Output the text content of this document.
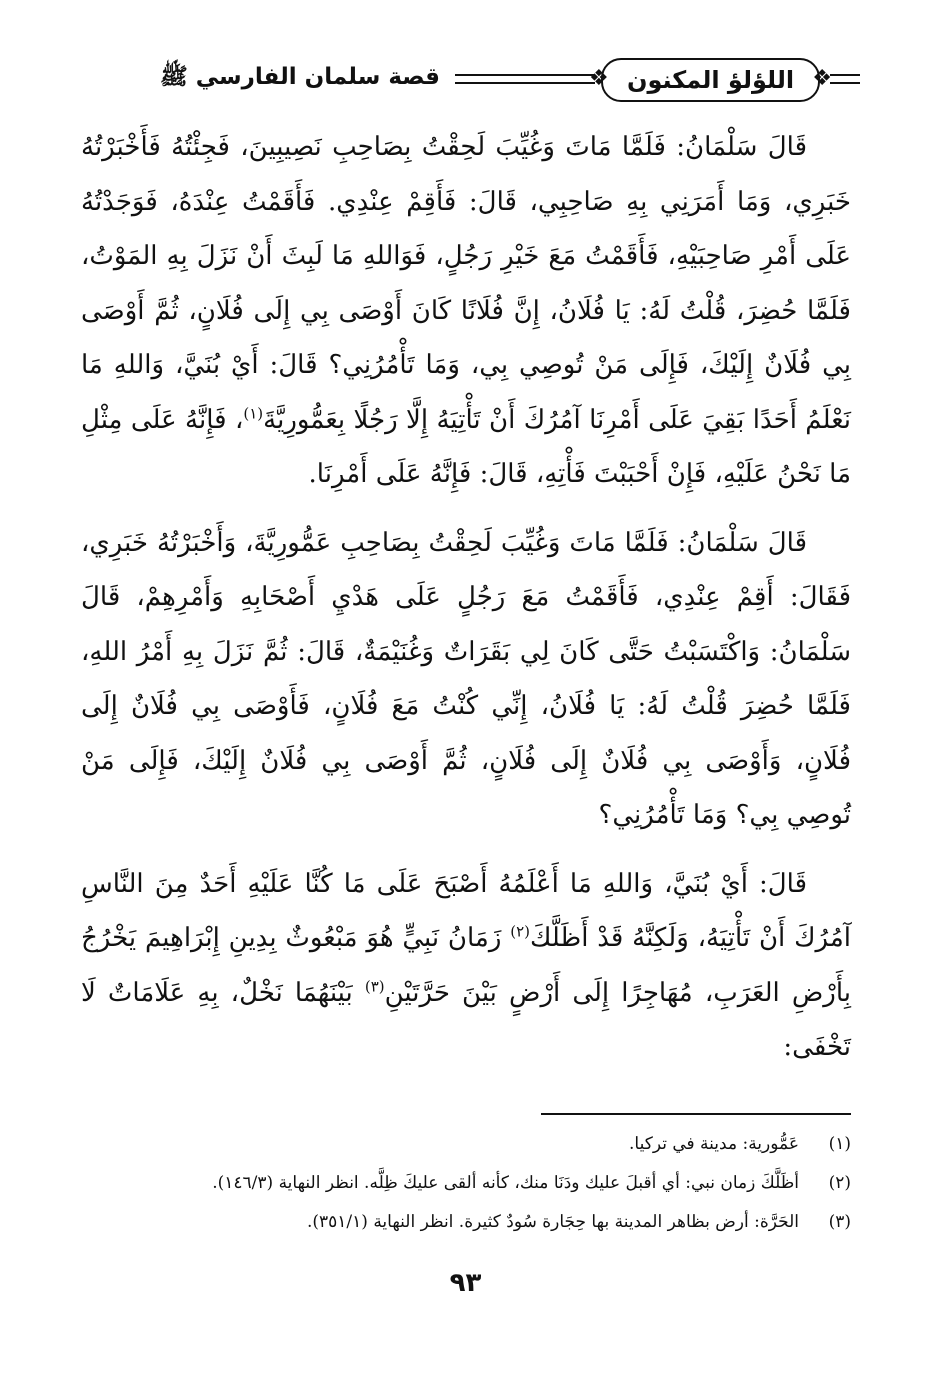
❖ اللؤلؤ المكنون
❖
قصة سلمان الفارسي ﷺ

قَالَ سَلْمَانُ: فَلَمَّا مَاتَ وَغُيِّبَ لَحِقْتُ بِصَاحِبِ نَصِيبِينَ، فَجِئْتُهُ فَأَخْبَرْتُهُ خَبَرِي، وَمَا أَمَرَنِي بِهِ صَاحِبِي، قَالَ: فَأَقِمْ عِنْدِي. فَأَقَمْتُ عِنْدَهُ، فَوَجَدْتُهُ عَلَى أَمْرِ صَاحِبَيْهِ، فَأَقَمْتُ مَعَ خَيْرِ رَجُلٍ، فَوَاللهِ مَا لَبِثَ أَنْ نَزَلَ بِهِ المَوْتُ، فَلَمَّا حُضِرَ، قُلْتُ لَهُ: يَا فُلَانُ، إِنَّ فُلَانًا كَانَ أَوْصَى بِي إِلَى فُلَانٍ، ثُمَّ أَوْصَى بِي فُلَانٌ إِلَيْكَ، فَإِلَى مَنْ تُوصِي بِي، وَمَا تَأْمُرُنِي؟ قَالَ: أَيْ بُنَيَّ، وَاللهِ مَا نَعْلَمُ أَحَدًا بَقِيَ عَلَى أَمْرِنَا آمُرُكَ أَنْ تَأْتِيَهُ إِلَّا رَجُلًا بِعَمُّورِيَّةَ$^{(١)}$، فَإِنَّهُ عَلَى مِثْلِ مَا نَحْنُ عَلَيْهِ، فَإِنْ أَحْبَبْتَ فَأْتِهِ، قَالَ: فَإِنَّهُ عَلَى أَمْرِنَا.

قَالَ سَلْمَانُ: فَلَمَّا مَاتَ وَغُيِّبَ لَحِقْتُ بِصَاحِبِ عَمُّورِيَّةَ، وَأَخْبَرْتُهُ خَبَرِي، فَقَالَ: أَقِمْ عِنْدِي، فَأَقَمْتُ مَعَ رَجُلٍ عَلَى هَدْيِ أَصْحَابِهِ وَأَمْرِهِمْ، قَالَ سَلْمَانُ: وَاكْتَسَبْتُ حَتَّى كَانَ لِي بَقَرَاتٌ وَغُنَيْمَةٌ، قَالَ: ثُمَّ نَزَلَ بِهِ أَمْرُ اللهِ، فَلَمَّا حُضِرَ قُلْتُ لَهُ: يَا فُلَانُ، إِنِّي كُنْتُ مَعَ فُلَانٍ، فَأَوْصَى بِي فُلَانٌ إِلَى فُلَانٍ، وَأَوْصَى بِي فُلَانٌ إِلَى فُلَانٍ، ثُمَّ أَوْصَى بِي فُلَانٌ إِلَيْكَ، فَإِلَى مَنْ تُوصِي بِي؟ وَمَا تَأْمُرُنِي؟

قَالَ: أَيْ بُنَيَّ، وَاللهِ مَا أَعْلَمُهُ أَصْبَحَ عَلَى مَا كُنَّا عَلَيْهِ أَحَدٌ مِنَ النَّاسِ آمُرُكَ أَنْ تَأْتِيَهُ، وَلَكِنَّهُ قَدْ أَظَلَّكَ$^{(٢)}$ زَمَانُ نَبِيٍّ هُوَ مَبْعُوثٌ بِدِينِ إِبْرَاهِيمَ يَخْرُجُ بِأَرْضِ العَرَبِ، مُهَاجِرًا إِلَى أَرْضٍ بَيْنَ حَرَّتَيْنِ$^{(٣)}$ بَيْنَهُمَا نَخْلٌ، بِهِ عَلَامَاتٌ لَا تَخْفَى:

(١)عَمُّورية: مدينة في تركيا.
(٢)أظَلَّكَ زمان نبي: أي أقبلَ عليك ودَنَا منك، كأنه ألقى عليكَ ظِلَّه. انظر النهاية (١٤٦/٣).
(٣)الحَرَّة: أرض بظاهر المدينة بها حِجَارة سُودٌ كثيرة. انظر النهاية (٣٥١/١).
٩٣
